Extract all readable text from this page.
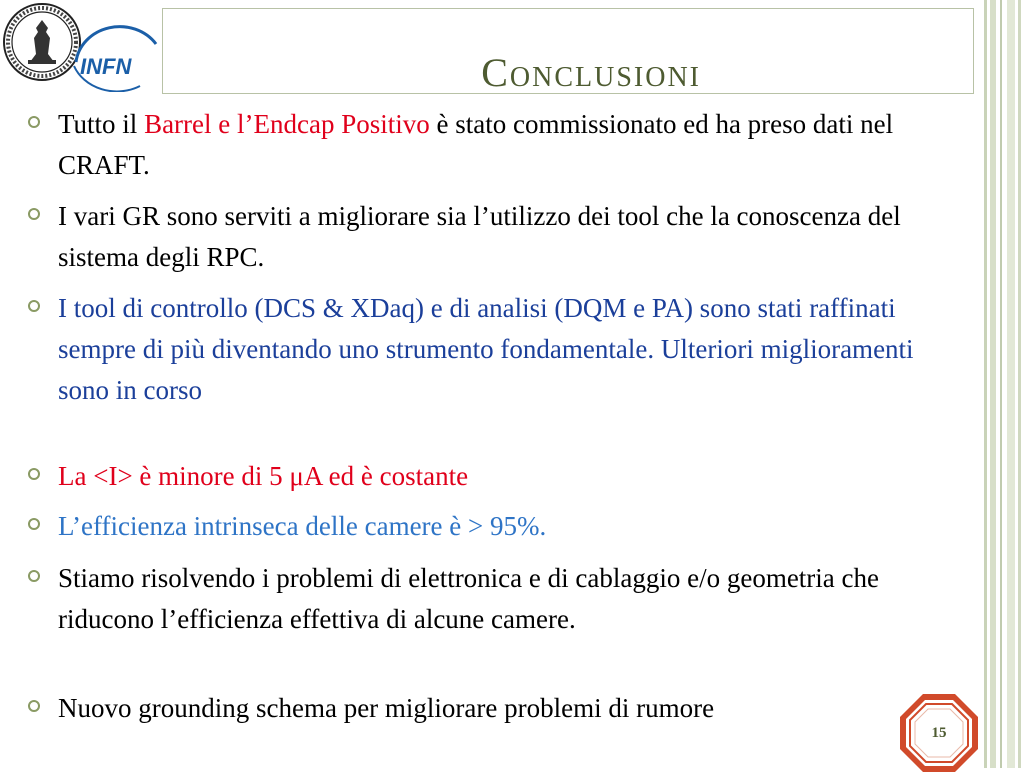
INFN	Conclusioni
Tutto il Barrel e l’Endcap Positivo è stato commissionato ed ha preso dati nel CRAFT.
I vari GR sono serviti a migliorare sia l’utilizzo dei tool che la conoscenza del sistema degli RPC.
I tool di controllo (DCS & XDaq) e di analisi (DQM e PA) sono stati raffinati sempre di più diventando uno strumento fondamentale. Ulteriori miglioramenti sono in corso
La <I> è minore di 5 μA ed è costante
L’efficienza intrinseca delle camere è > 95%.
Stiamo risolvendo i problemi di elettronica e di cablaggio e/o geometria che riducono l’efficienza effettiva di alcune camere.
Nuovo grounding schema per migliorare problemi di rumore
15
